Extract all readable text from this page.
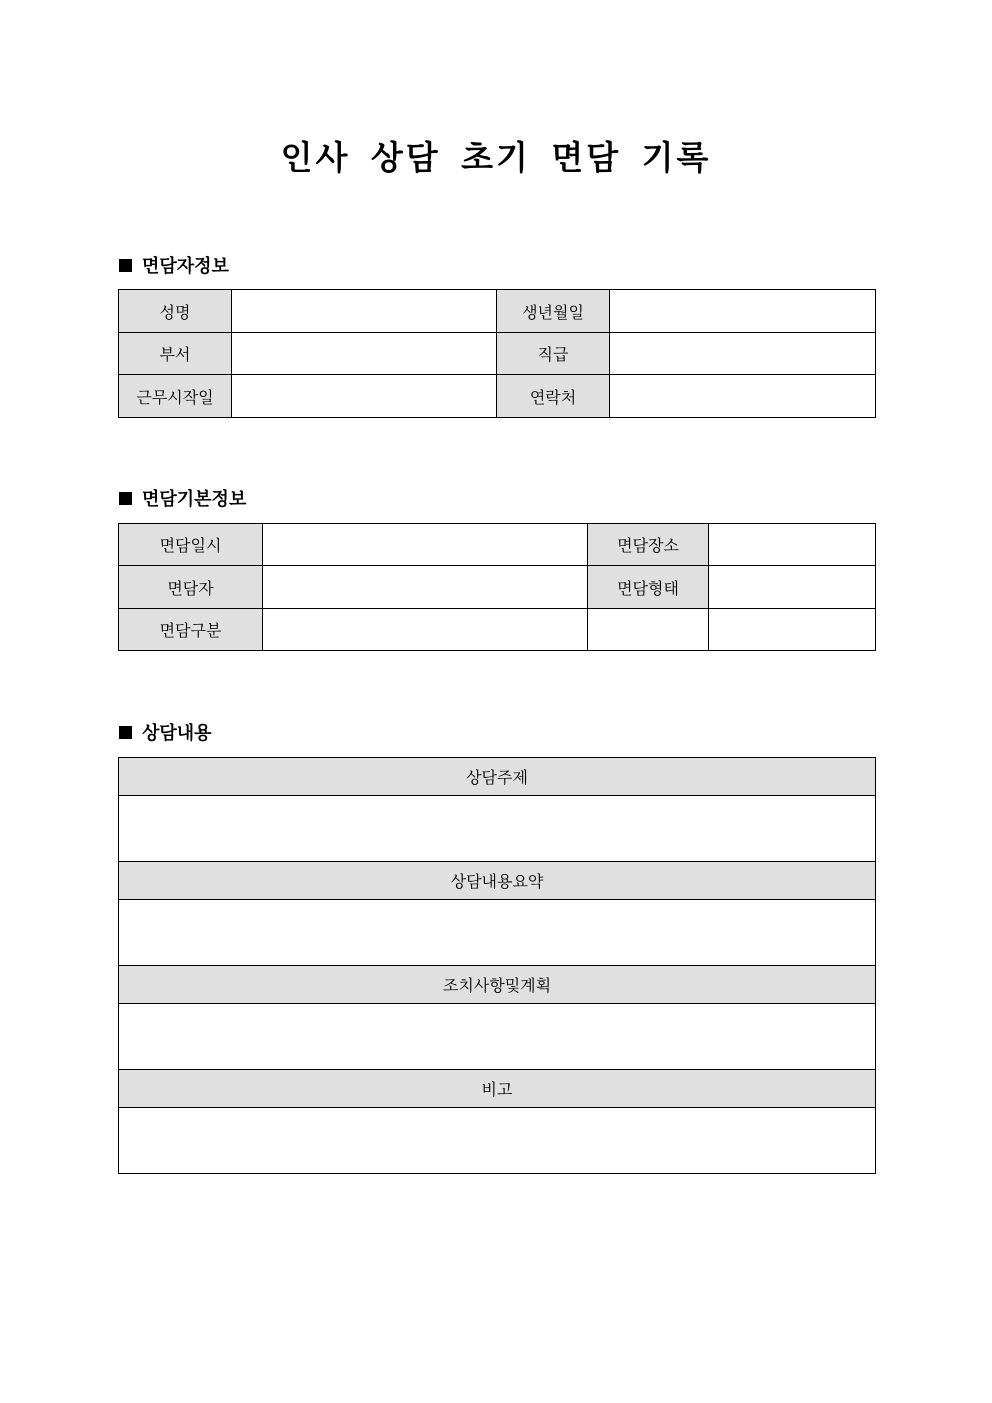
인사 상담 초기 면담 기록
면담자정보
성명		생년월일	
부서		직급	
근무시작일		연락처	
면담기본정보
면담일시		면담장소	
면담자		면담형태	
면담구분			
상담내용
상담주제

상담내용요약

조치사항및계획

비고
